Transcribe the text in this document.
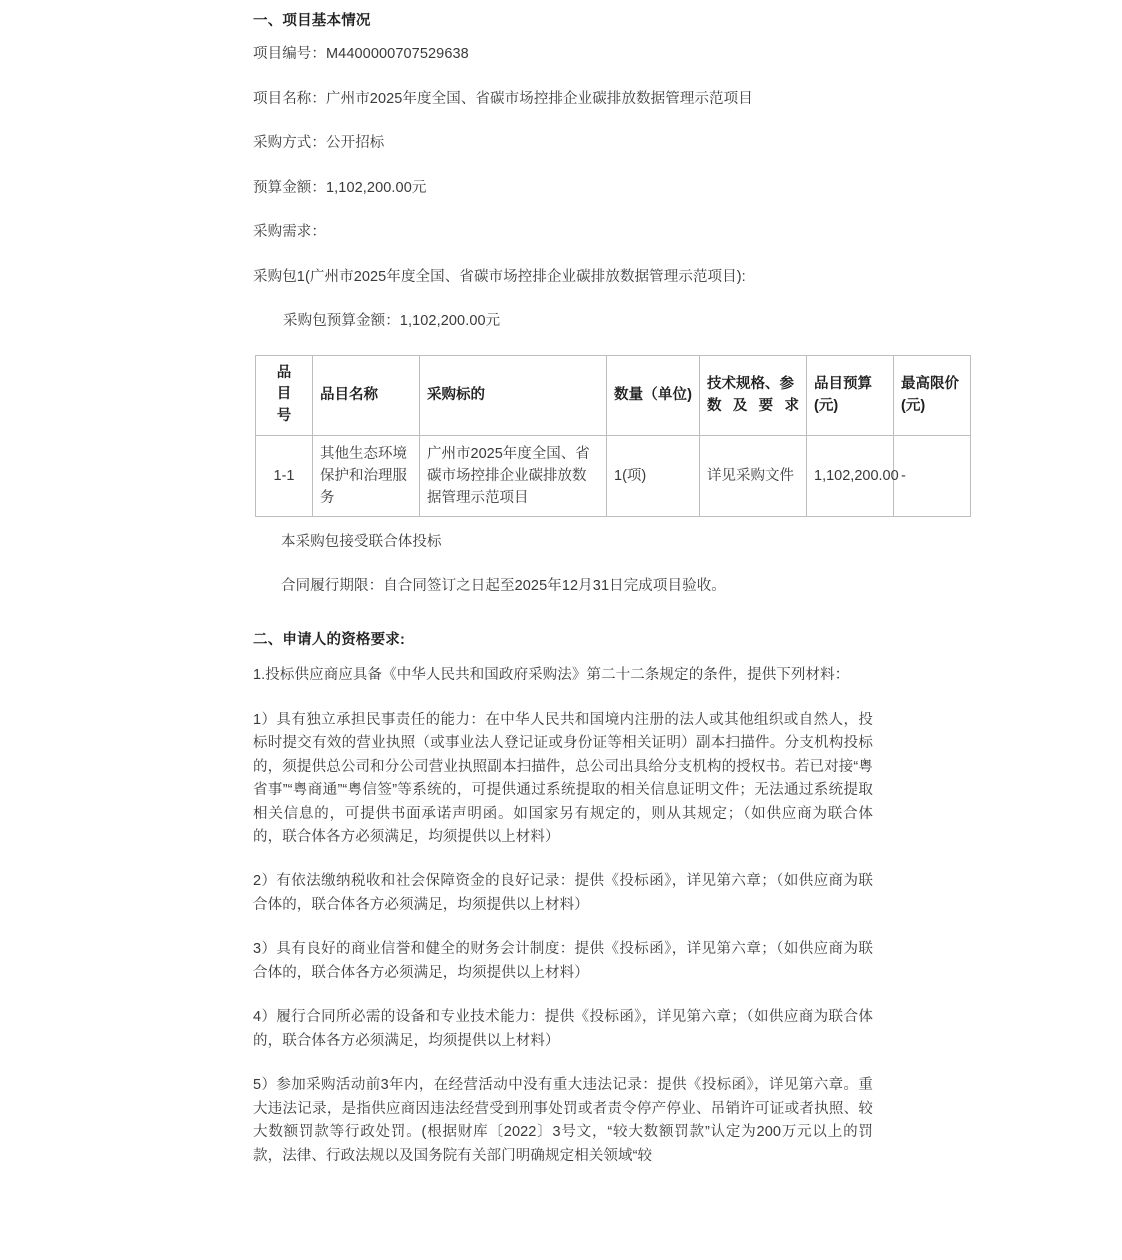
一、项目基本情况

项目编号：M4400000707529638

项目名称：广州市2025年度全国、省碳市场控排企业碳排放数据管理示范项目

采购方式：公开招标

预算金额：1,102,200.00元

采购需求：

采购包1(广州市2025年度全国、省碳市场控排企业碳排放数据管理示范项目):

采购包预算金额：1,102,200.00元

品
目
号	品目名称	采购标的	数量（单位)	技术规格、参数及要求	品目预算(元)	最高限价(元)
1-1	其他生态环境保护和治理服务	广州市2025年度全国、省碳市场控排企业碳排放数据管理示范项目	1(项)	详见采购文件	1,102,200.00	-

本采购包接受联合体投标

合同履行期限：自合同签订之日起至2025年12月31日完成项目验收。

二、申请人的资格要求:

1.投标供应商应具备《中华人民共和国政府采购法》第二十二条规定的条件，提供下列材料：

1）具有独立承担民事责任的能力：在中华人民共和国境内注册的法人或其他组织或自然人，投标时提交有效的营业执照（或事业法人登记证或身份证等相关证明）副本扫描件。分支机构投标的，须提供总公司和分公司营业执照副本扫描件，总公司出具给分支机构的授权书。若已对接“粤省事”“粤商通”“粤信签”等系统的，可提供通过系统提取的相关信息证明文件；无法通过系统提取相关信息的，可提供书面承诺声明函。如国家另有规定的，则从其规定；（如供应商为联合体的，联合体各方必须满足，均须提供以上材料）

2）有依法缴纳税收和社会保障资金的良好记录：提供《投标函》，详见第六章；（如供应商为联合体的，联合体各方必须满足，均须提供以上材料）

3）具有良好的商业信誉和健全的财务会计制度：提供《投标函》，详见第六章；（如供应商为联合体的，联合体各方必须满足，均须提供以上材料）

4）履行合同所必需的设备和专业技术能力：提供《投标函》，详见第六章；（如供应商为联合体的，联合体各方必须满足，均须提供以上材料）

5）参加采购活动前3年内，在经营活动中没有重大违法记录：提供《投标函》，详见第六章。重大违法记录，是指供应商因违法经营受到刑事处罚或者责令停产停业、吊销许可证或者执照、较大数额罚款等行政处罚。(根据财库〔2022〕3号文，“较大数额罚款”认定为200万元以上的罚款，法律、行政法规以及国务院有关部门明确规定相关领域“较
